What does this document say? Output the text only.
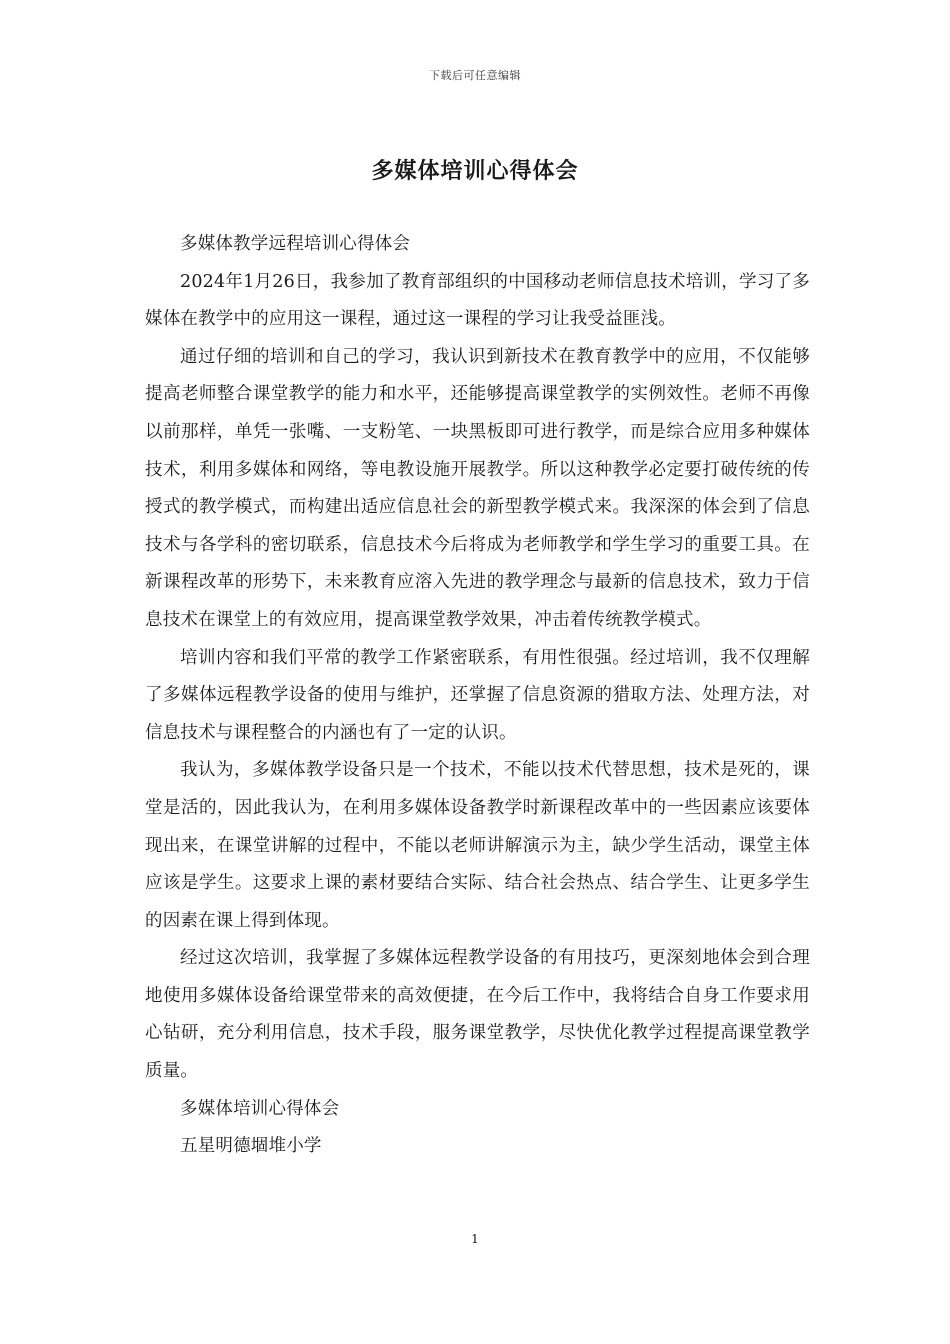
下载后可任意编辑
多媒体培训心得体会

多媒体教学远程培训心得体会

2024年1月26日，我参加了教育部组织的中国移动老师信息技术培训，学习了多媒体在教学中的应用这一课程，通过这一课程的学习让我受益匪浅。

通过仔细的培训和自己的学习，我认识到新技术在教育教学中的应用，不仅能够提高老师整合课堂教学的能力和水平，还能够提高课堂教学的实例效性。老师不再像以前那样，单凭一张嘴、一支粉笔、一块黑板即可进行教学，而是综合应用多种媒体技术，利用多媒体和网络，等电教设施开展教学。所以这种教学必定要打破传统的传授式的教学模式，而构建出适应信息社会的新型教学模式来。我深深的体会到了信息技术与各学科的密切联系，信息技术今后将成为老师教学和学生学习的重要工具。在新课程改革的形势下，未来教育应溶入先进的教学理念与最新的信息技术，致力于信息技术在课堂上的有效应用，提高课堂教学效果，冲击着传统教学模式。

培训内容和我们平常的教学工作紧密联系，有用性很强。经过培训，我不仅理解了多媒体远程教学设备的使用与维护，还掌握了信息资源的猎取方法、处理方法，对信息技术与课程整合的内涵也有了一定的认识。

我认为，多媒体教学设备只是一个技术，不能以技术代替思想，技术是死的，课堂是活的，因此我认为，在利用多媒体设备教学时新课程改革中的一些因素应该要体现出来，在课堂讲解的过程中，不能以老师讲解演示为主，缺少学生活动，课堂主体应该是学生。这要求上课的素材要结合实际、结合社会热点、结合学生、让更多学生的因素在课上得到体现。

经过这次培训，我掌握了多媒体远程教学设备的有用技巧，更深刻地体会到合理地使用多媒体设备给课堂带来的高效便捷，在今后工作中，我将结合自身工作要求用心钻研，充分利用信息，技术手段，服务课堂教学，尽快优化教学过程提高课堂教学质量。

多媒体培训心得体会

五星明德堌堆小学

1
